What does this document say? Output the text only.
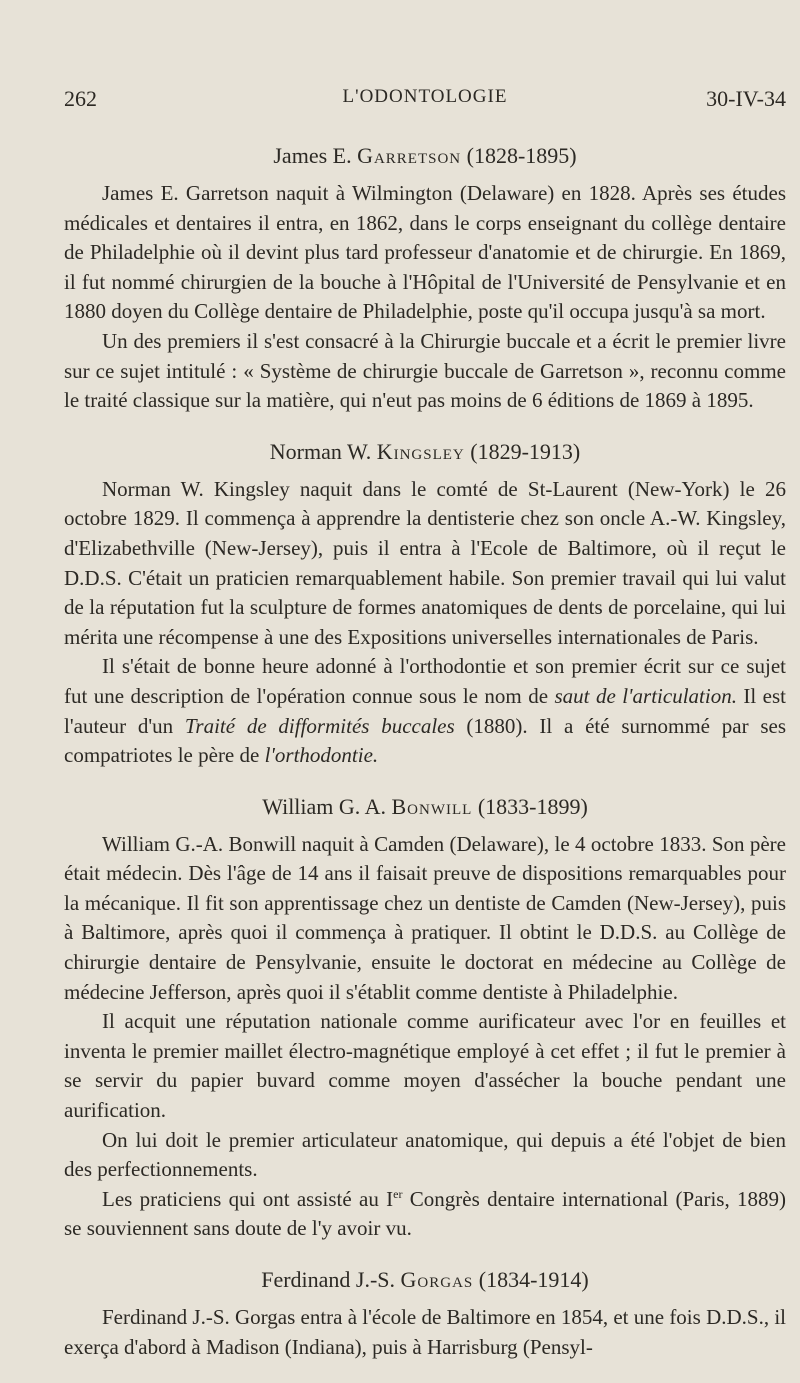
262	L'ODONTOLOGIE	30-IV-34
James E. Garretson (1828-1895)

James E. Garretson naquit à Wilmington (Delaware) en 1828. Après ses études médicales et dentaires il entra, en 1862, dans le corps enseignant du collège dentaire de Philadelphie où il devint plus tard professeur d'anatomie et de chirurgie. En 1869, il fut nommé chirurgien de la bouche à l'Hôpital de l'Université de Pensylvanie et en 1880 doyen du Collège dentaire de Philadelphie, poste qu'il occupa jusqu'à sa mort.

Un des premiers il s'est consacré à la Chirurgie buccale et a écrit le premier livre sur ce sujet intitulé : « Système de chirurgie buccale de Garretson », reconnu comme le traité classique sur la matière, qui n'eut pas moins de 6 éditions de 1869 à 1895.

Norman W. Kingsley (1829-1913)

Norman W. Kingsley naquit dans le comté de St-Laurent (New-York) le 26 octobre 1829. Il commença à apprendre la dentisterie chez son oncle A.-W. Kingsley, d'Elizabethville (New-Jersey), puis il entra à l'Ecole de Baltimore, où il reçut le D.D.S. C'était un praticien remarquablement habile. Son premier travail qui lui valut de la réputation fut la sculpture de formes anatomiques de dents de porcelaine, qui lui mérita une récompense à une des Expositions universelles internationales de Paris.

Il s'était de bonne heure adonné à l'orthodontie et son premier écrit sur ce sujet fut une description de l'opération connue sous le nom de saut de l'articulation. Il est l'auteur d'un Traité de difformités buccales (1880). Il a été surnommé par ses compatriotes le père de l'orthodontie.

William G. A. Bonwill (1833-1899)

William G.-A. Bonwill naquit à Camden (Delaware), le 4 octobre 1833. Son père était médecin. Dès l'âge de 14 ans il faisait preuve de dispositions remarquables pour la mécanique. Il fit son apprentissage chez un dentiste de Camden (New-Jersey), puis à Baltimore, après quoi il commença à pratiquer. Il obtint le D.D.S. au Collège de chirurgie dentaire de Pensylvanie, ensuite le doctorat en médecine au Collège de médecine Jefferson, après quoi il s'établit comme dentiste à Philadelphie.

Il acquit une réputation nationale comme aurificateur avec l'or en feuilles et inventa le premier maillet électro-magnétique employé à cet effet ; il fut le premier à se servir du papier buvard comme moyen d'assécher la bouche pendant une aurification.

On lui doit le premier articulateur anatomique, qui depuis a été l'objet de bien des perfectionnements.

Les praticiens qui ont assisté au Ier Congrès dentaire international (Paris, 1889) se souviennent sans doute de l'y avoir vu.

Ferdinand J.-S. Gorgas (1834-1914)

Ferdinand J.-S. Gorgas entra à l'école de Baltimore en 1854, et une fois D.D.S., il exerça d'abord à Madison (Indiana), puis à Harrisburg (Pensyl-
